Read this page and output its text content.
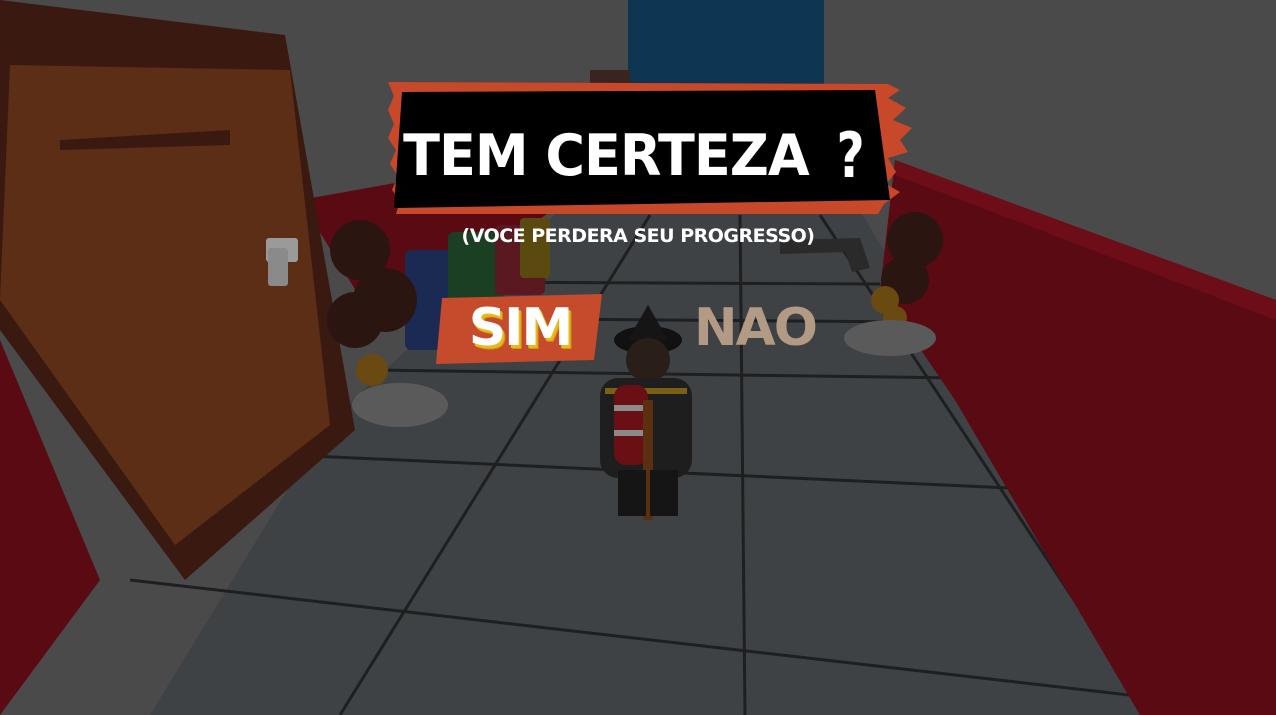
TEM CERTEZA ?
(VOCE PERDERA SEU PROGRESSO)
SIM	NAO
